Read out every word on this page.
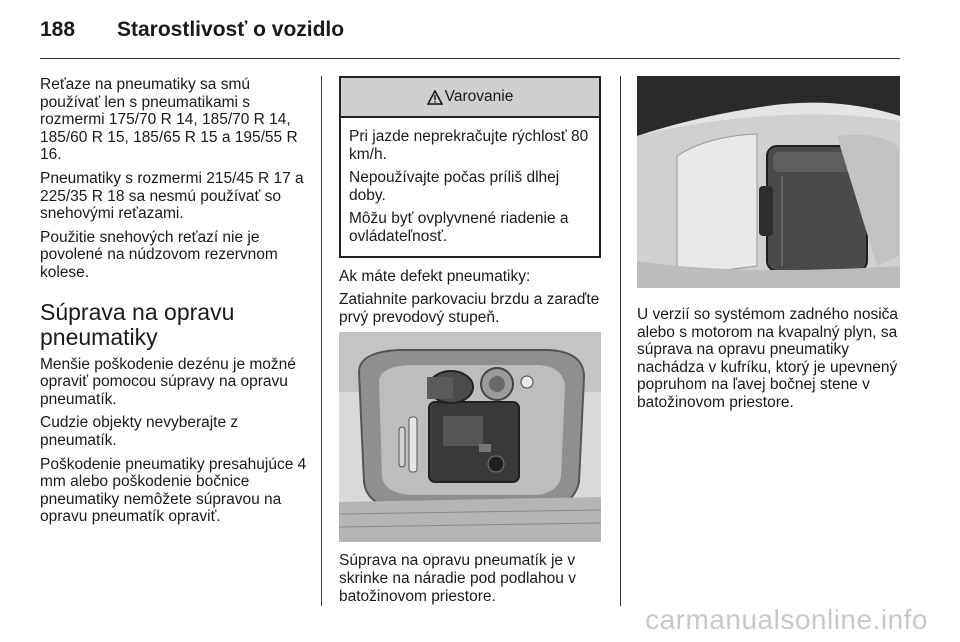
188 Starostlivosť o vozidlo

Reťaze na pneumatiky sa smú používať len s pneumatikami s rozmermi 175/70 R 14, 185/70 R 14, 185/60 R 15, 185/65 R 15 a 195/55 R 16.

Pneumatiky s rozmermi 215/45 R 17 a 225/35 R 18 sa nesmú používať so snehovými reťazami.

Použitie snehových reťazí nie je povolené na núdzovom rezervnom kolese.

Súprava na opravu pneumatiky

Menšie poškodenie dezénu je možné opraviť pomocou súpravy na opravu pneumatík.

Cudzie objekty nevyberajte z pneumatík.

Poškodenie pneumatiky presahujúce 4 mm alebo poškodenie bočnice pneumatiky nemôžete súpravou na opravu pneumatík opraviť.

Varovanie

Pri jazde neprekračujte rýchlosť 80 km/h.

Nepoužívajte počas príliš dlhej doby.

Môžu byť ovplyvnené riadenie a ovládateľnosť.

Ak máte defekt pneumatiky:

Zatiahnite parkovaciu brzdu a zaraďte prvý prevodový stupeň.

Súprava na opravu pneumatík je v skrinke na náradie pod podlahou v batožinovom priestore.

U verzií so systémom zadného nosiča alebo s motorom na kvapalný plyn, sa súprava na opravu pneumatiky nachádza v kufríku, ktorý je upevnený popruhom na ľavej bočnej stene v batožinovom priestore.

carmanualsonline.info
